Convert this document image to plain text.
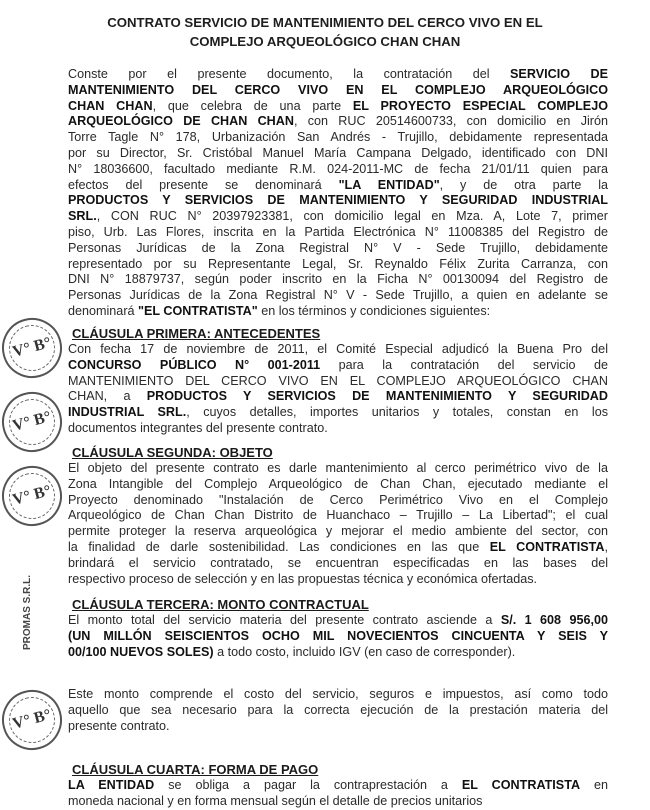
CONTRATO SERVICIO DE MANTENIMIENTO DEL CERCO VIVO EN EL
COMPLEJO ARQUEOLÓGICO CHAN CHAN
Conste por el presente documento, la contratación del SERVICIO DE
MANTENIMIENTO DEL CERCO VIVO EN EL COMPLEJO ARQUEOLÓGICO
CHAN CHAN, que celebra de una parte EL PROYECTO ESPECIAL COMPLEJO
ARQUEOLÓGICO DE CHAN CHAN, con RUC 20514600733, con domicilio en Jirón
Torre Tagle N° 178, Urbanización San Andrés - Trujillo, debidamente representada
por su Director, Sr. Cristóbal Manuel María Campana Delgado, identificado con DNI
N° 18036600, facultado mediante R.M. 024-2011-MC de fecha 21/01/11 quien para
efectos del presente se denominará "LA ENTIDAD", y de otra parte la
PRODUCTOS Y SERVICIOS DE MANTENIMIENTO Y SEGURIDAD INDUSTRIAL
SRL., CON RUC N° 20397923381, con domicilio legal en Mza. A, Lote 7, primer
piso, Urb. Las Flores, inscrita en la Partida Electrónica N° 11008385 del Registro de
Personas Jurídicas de la Zona Registral N° V - Sede Trujillo, debidamente
representado por su Representante Legal, Sr. Reynaldo Félix Zurita Carranza, con
DNI N° 18879737, según poder inscrito en la Ficha N° 00130094 del Registro de
Personas Jurídicas de la Zona Registral N° V - Sede Trujillo, a quien en adelante se
denominará "EL CONTRATISTA" en los términos y condiciones siguientes:
CLÁUSULA PRIMERA: ANTECEDENTES
Con fecha 17 de noviembre de 2011, el Comité Especial adjudicó la Buena Pro del
CONCURSO PÚBLICO N° 001-2011 para la contratación del servicio de
MANTENIMIENTO DEL CERCO VIVO EN EL COMPLEJO ARQUEOLÓGICO CHAN
CHAN, a PRODUCTOS Y SERVICIOS DE MANTENIMIENTO Y SEGURIDAD
INDUSTRIAL SRL., cuyos detalles, importes unitarios y totales, constan en los
documentos integrantes del presente contrato.
CLÁUSULA SEGUNDA: OBJETO
El objeto del presente contrato es darle mantenimiento al cerco perimétrico vivo de la
Zona Intangible del Complejo Arqueológico de Chan Chan, ejecutado mediante el
Proyecto denominado "Instalación de Cerco Perimétrico Vivo en el Complejo
Arqueológico de Chan Chan Distrito de Huanchaco – Trujillo – La Libertad"; el cual
permite proteger la reserva arqueológica y mejorar el medio ambiente del sector, con
la finalidad de darle sostenibilidad. Las condiciones en las que EL CONTRATISTA,
brindará el servicio contratado, se encuentran especificadas en las bases del
respectivo proceso de selección y en las propuestas técnica y económica ofertadas.
CLÁUSULA TERCERA: MONTO CONTRACTUAL
El monto total del servicio materia del presente contrato asciende a S/. 1 608 956,00
(UN MILLÓN SEISCIENTOS OCHO MIL NOVECIENTOS CINCUENTA Y SEIS Y
00/100 NUEVOS SOLES) a todo costo, incluido IGV (en caso de corresponder).
Este monto comprende el costo del servicio, seguros e impuestos, así como todo
aquello que sea necesario para la correcta ejecución de la prestación materia del
presente contrato.
CLÁUSULA CUARTA: FORMA DE PAGO
LA ENTIDAD se obliga a pagar la contraprestación a EL CONTRATISTA en
moneda nacional y en forma mensual según el detalle de precios unitarios
V° B°
V° B°
V° B°
V° B°
PROMAS S.R.L.
